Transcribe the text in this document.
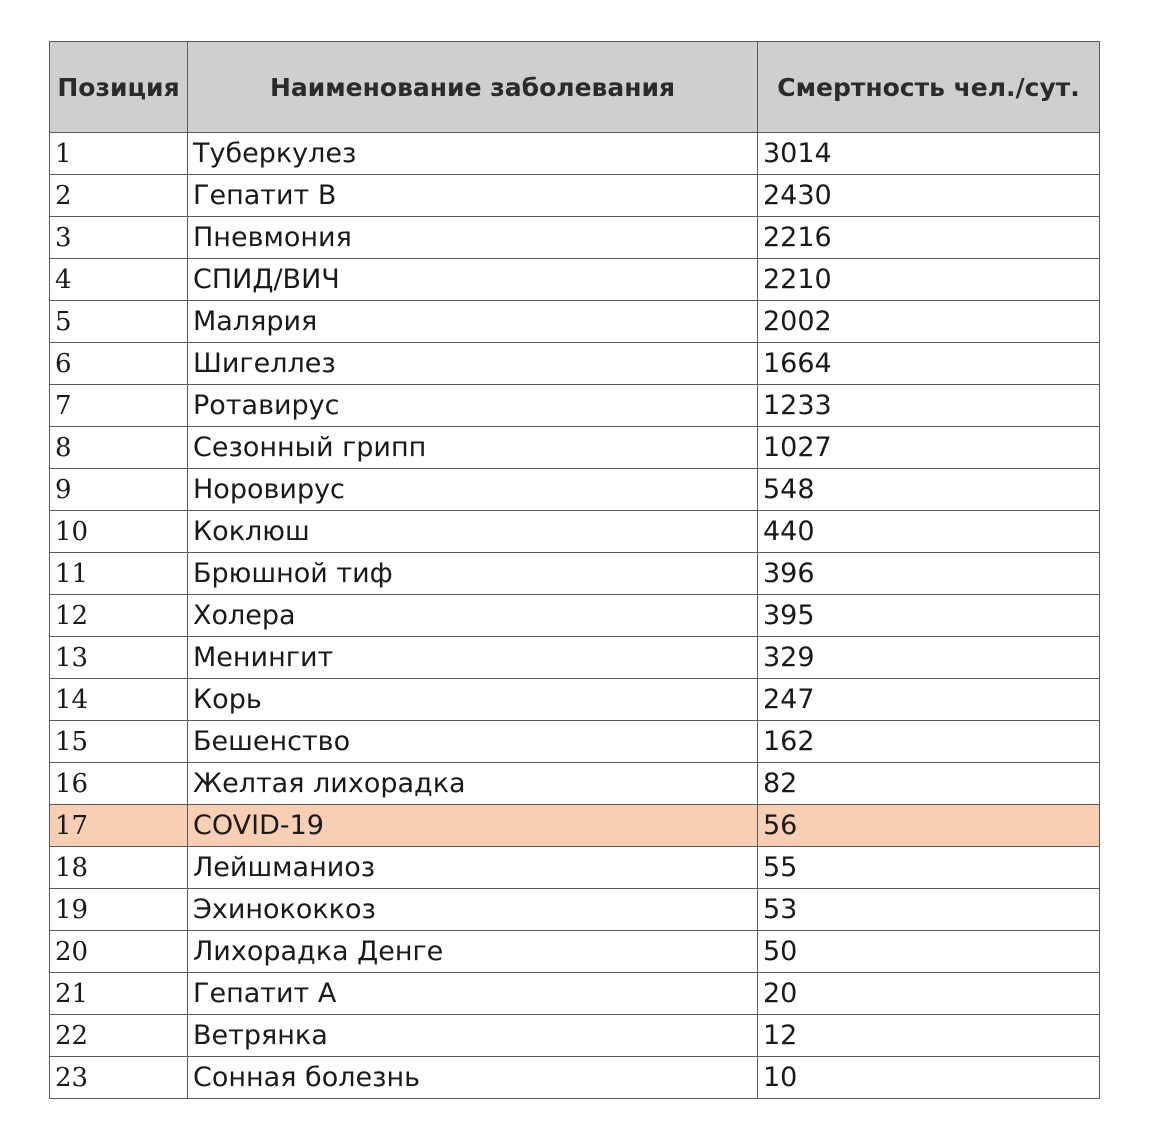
Позиция	Наименование заболевания	Смертность чел./сут.
1	Туберкулез	3014
2	Гепатит В	2430
3	Пневмония	2216
4	СПИД/ВИЧ	2210
5	Малярия	2002
6	Шигеллез	1664
7	Ротавирус	1233
8	Сезонный грипп	1027
9	Норовирус	548
10	Коклюш	440
11	Брюшной тиф	396
12	Холера	395
13	Менингит	329
14	Корь	247
15	Бешенство	162
16	Желтая лихорадка	82
17	COVID-19	56
18	Лейшманиоз	55
19	Эхинококкоз	53
20	Лихорадка Денге	50
21	Гепатит А	20
22	Ветрянка	12
23	Сонная болезнь	10
